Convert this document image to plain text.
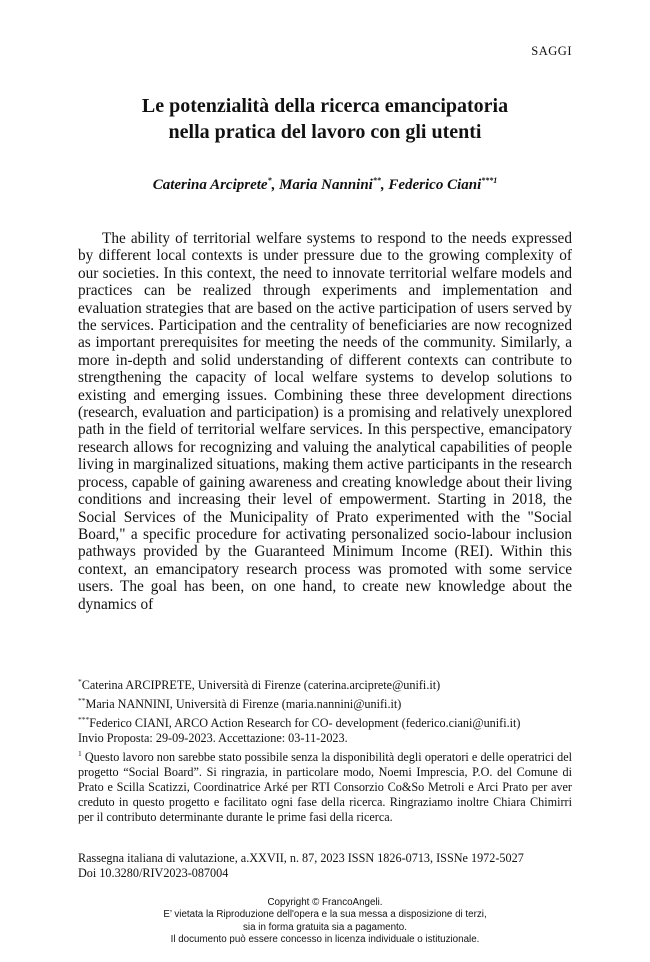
SAGGI
Le potenzialità della ricerca emancipatoria
nella pratica del lavoro con gli utenti

Caterina Arciprete*, Maria Nannini**, Federico Ciani$^{***1}$

The ability of territorial welfare systems to respond to the needs expressed by different local contexts is under pressure due to the growing complexity of our societies. In this context, the need to innovate territorial welfare models and practices can be realized through experiments and implementation and evaluation strategies that are based on the active participation of users served by the services. Participation and the centrality of beneficiaries are now recognized as important prerequisites for meeting the needs of the community. Similarly, a more in-depth and solid understanding of different contexts can contribute to strengthening the capacity of local welfare systems to develop solutions to existing and emerging issues. Combining these three development directions (research, evaluation and participation) is a promising and relatively unexplored path in the field of territorial welfare services. In this perspective, emancipatory research allows for recognizing and valuing the analytical capabilities of people living in marginalized situations, making them active participants in the research process, capable of gaining awareness and creating knowledge about their living conditions and increasing their level of empowerment. Starting in 2018, the Social Services of the Municipality of Prato experimented with the "Social Board," a specific procedure for activating personalized socio-labour inclusion pathways provided by the Guaranteed Minimum Income (REI). Within this context, an emancipatory research process was promoted with some service users. The goal has been, on one hand, to create new knowledge about the dynamics of

*Caterina ARCIPRETE, Università di Firenze (caterina.arciprete@unifi.it)

**Maria NANNINI, Università di Firenze (maria.nannini@unifi.it)

***Federico CIANI, ARCO Action Research for CO- development (federico.ciani@unifi.it)

Invio Proposta: 29-09-2023. Accettazione: 03-11-2023.

$^1$ Questo lavoro non sarebbe stato possibile senza la disponibilità degli operatori e delle operatrici del progetto “Social Board”. Si ringrazia, in particolare modo, Noemi Imprescia, P.O. del Comune di Prato e Scilla Scatizzi, Coordinatrice Arké per RTI Consorzio Co&So Metroli e Arci Prato per aver creduto in questo progetto e facilitato ogni fase della ricerca. Ringraziamo inoltre Chiara Chimirri per il contributo determinante durante le prime fasi della ricerca.

Rassegna italiana di valutazione, a.XXVII, n. 87, 2023 ISSN 1826-0713, ISSNe 1972-5027

Doi 10.3280/RIV2023-087004

Copyright © FrancoAngeli.

E’ vietata la Riproduzione dell'opera e la sua messa a disposizione di terzi,

sia in forma gratuita sia a pagamento.

Il documento può essere concesso in licenza individuale o istituzionale.
